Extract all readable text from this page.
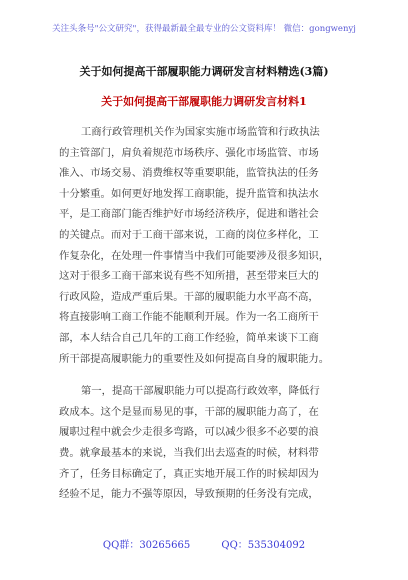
关注头条号"公文研究"，获得最新最全最专业的公文资料库！ 微信：gongwenyj
关于如何提高干部履职能力调研发言材料精选(3篇)
关于如何提高干部履职能力调研发言材料1
工商行政管理机关作为国家实施市场监管和行政执法
的主管部门，肩负着规范市场秩序、强化市场监管、市场
准入、市场交易、消费维权等重要职能，监管执法的任务
十分繁重。如何更好地发挥工商职能，提升监管和执法水
平，是工商部门能否维护好市场经济秩序，促进和谐社会
的关键点。而对于工商干部来说，工商的岗位多样化，工
作复杂化，在处理一件事情当中我们可能要涉及很多知识，
这对于很多工商干部来说有些不知所措，甚至带来巨大的
行政风险，造成严重后果。干部的履职能力水平高不高，
将直接影响工商工作能不能顺利开展。作为一名工商所干
部，本人结合自己几年的工商工作经验，简单来谈下工商
所干部提高履职能力的重要性及如何提高自身的履职能力。
第一，提高干部履职能力可以提高行政效率，降低行
政成本。这个是显而易见的事，干部的履职能力高了，在
履职过程中就会少走很多弯路，可以减少很多不必要的浪
费。就拿最基本的来说，当我们出去巡查的时候，材料带
齐了，任务目标确定了，真正实地开展工作的时候却因为
经验不足，能力不强等原因，导致预期的任务没有完成，
QQ群：30265665	QQ：535304092
